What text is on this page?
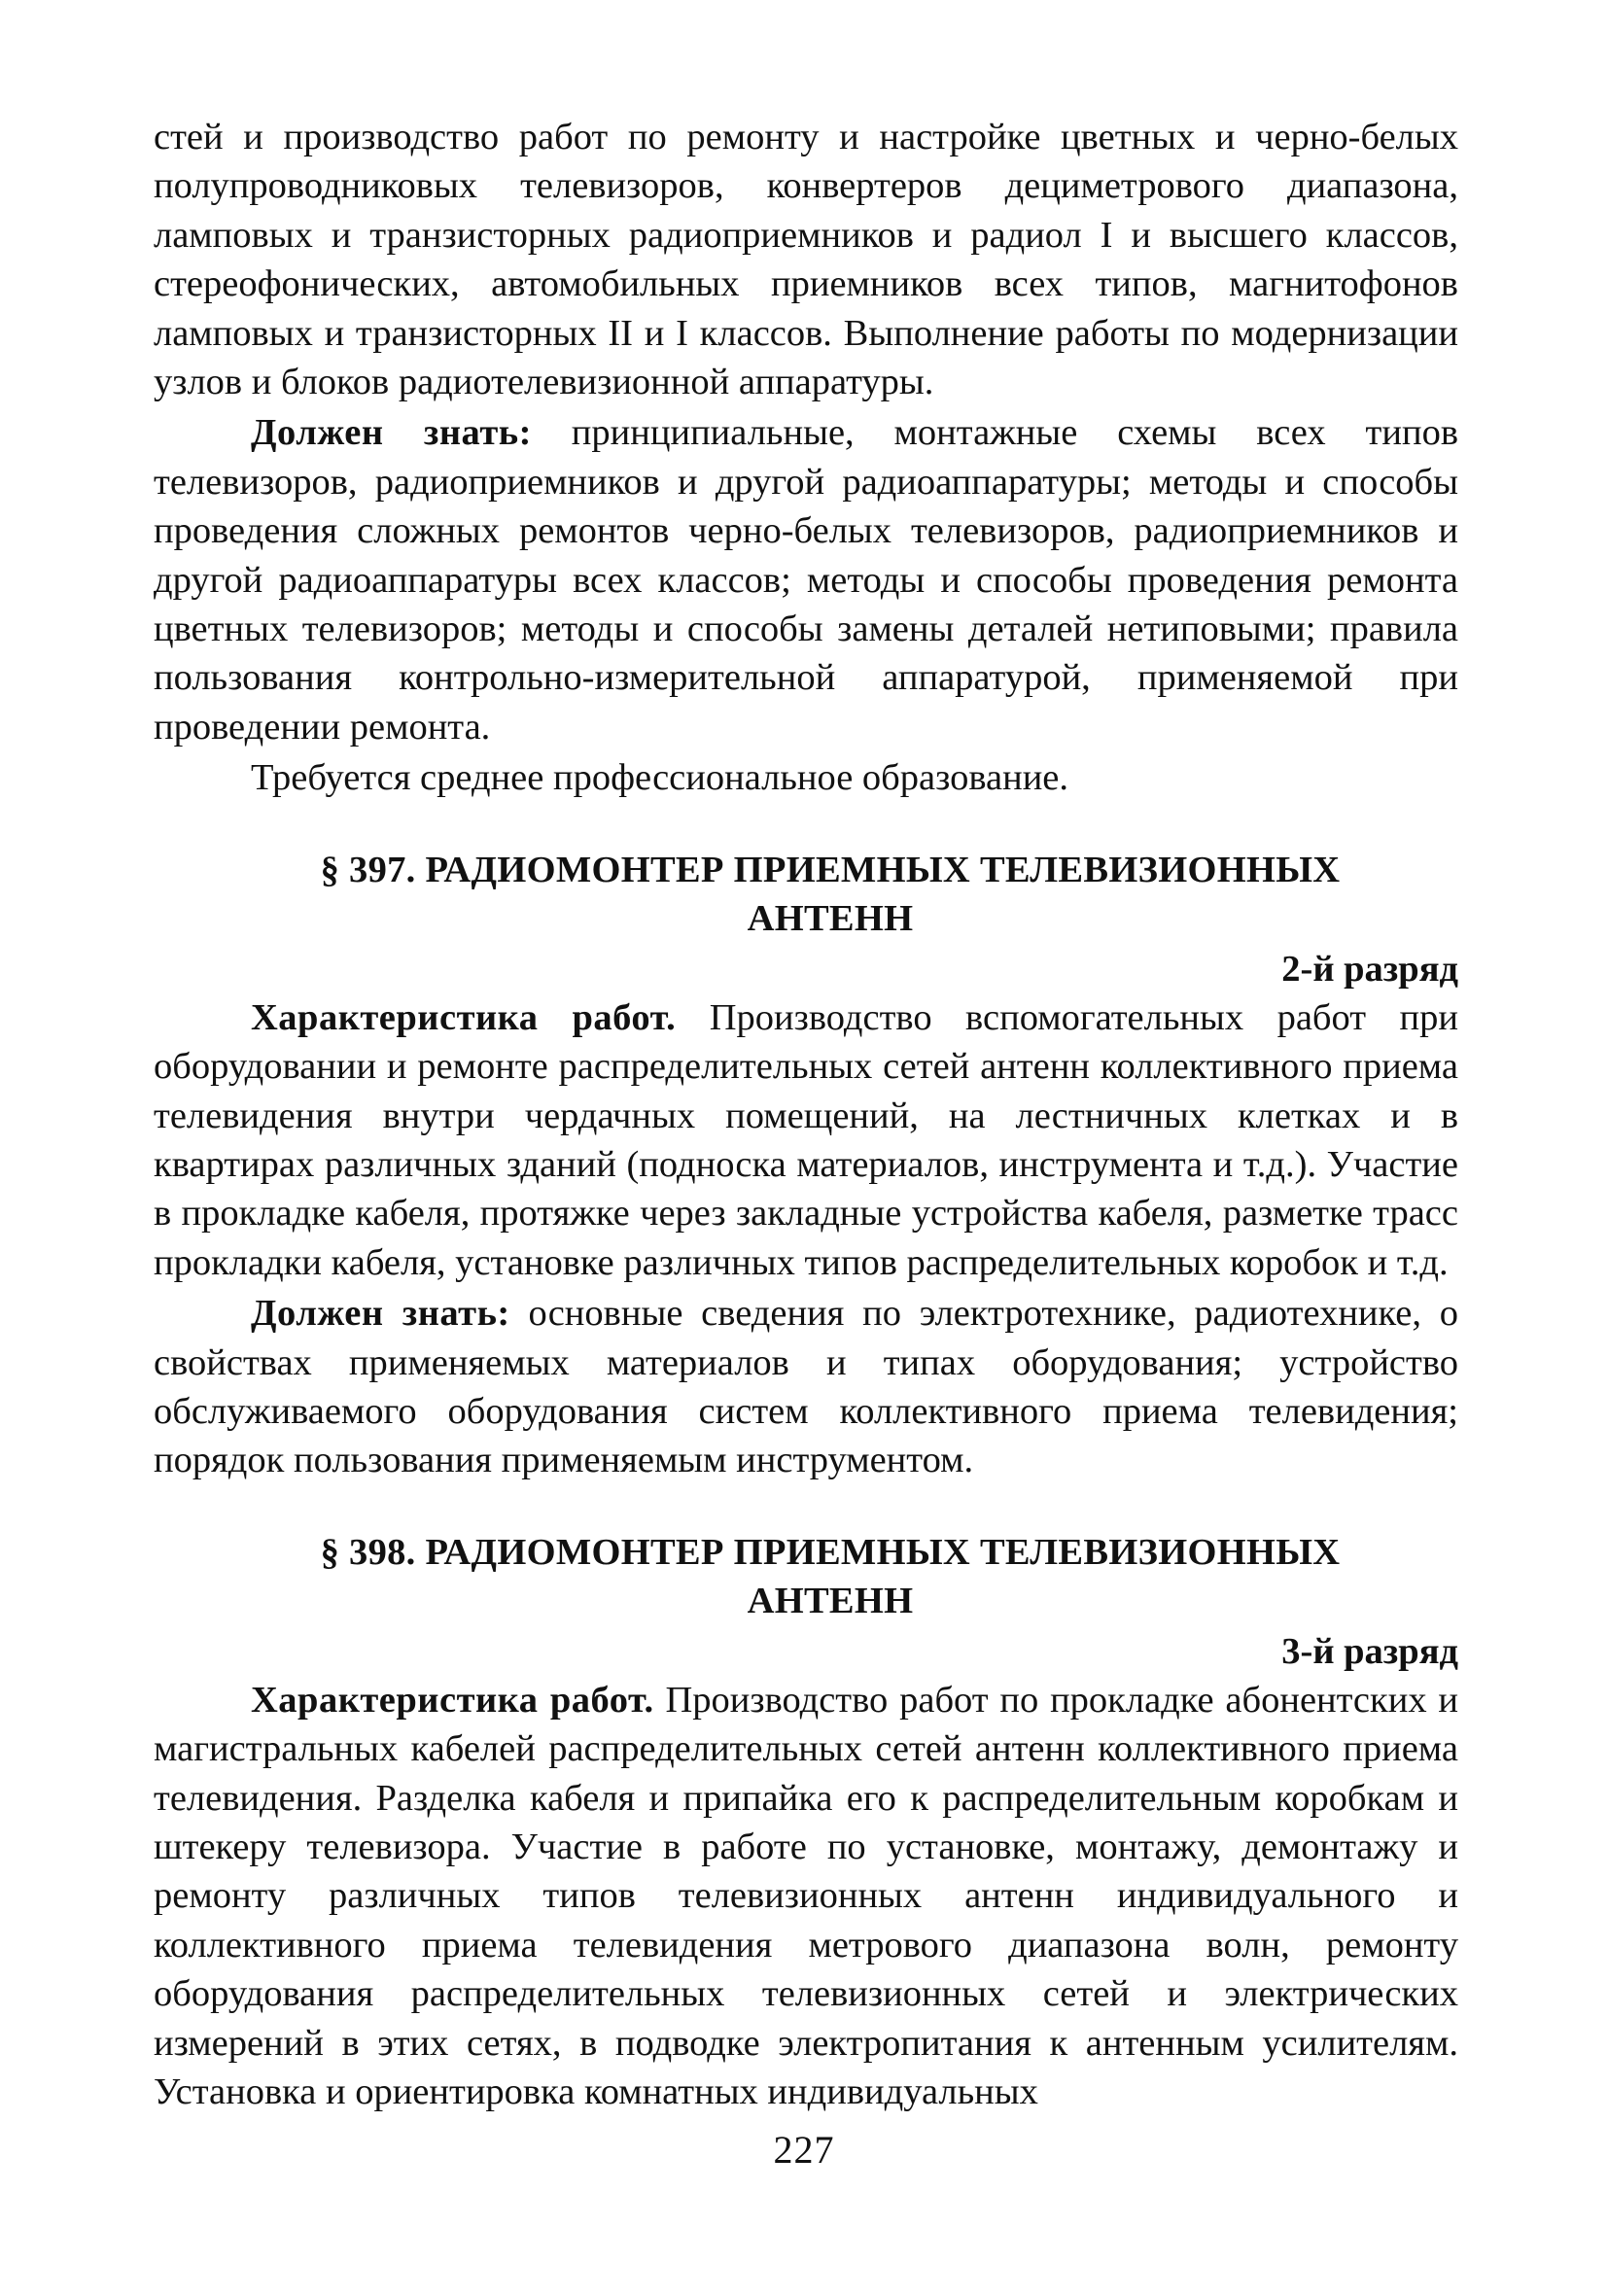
стей и производство работ по ремонту и настройке цветных и черно-белых полупроводниковых телевизоров, конвертеров дециметрового диапазона, ламповых и транзисторных радиоприемников и радиол I и высшего классов, стереофонических, автомобильных приемников всех типов, магнитофонов ламповых и транзисторных II и I классов. Выполнение работы по модернизации узлов и блоков радиотелевизионной аппаратуры.

Должен знать: принципиальные, монтажные схемы всех типов телевизоров, радиоприемников и другой радиоаппаратуры; методы и способы проведения сложных ремонтов черно-белых телевизоров, радиоприемников и другой радиоаппаратуры всех классов; методы и способы проведения ремонта цветных телевизоров; методы и способы замены деталей нетиповыми; правила пользования контрольно-измерительной аппаратурой, применяемой при проведении ремонта.

Требуется среднее профессиональное образование.

§ 397. РАДИОМОНТЕР ПРИЕМНЫХ ТЕЛЕВИЗИОННЫХ
АНТЕНН
2-й разряд

Характеристика работ. Производство вспомогательных работ при оборудовании и ремонте распределительных сетей антенн коллективного приема телевидения внутри чердачных помещений, на лестничных клетках и в квартирах различных зданий (подноска материалов, инструмента и т.д.). Участие в прокладке кабеля, протяжке через закладные устройства кабеля, разметке трасс прокладки кабеля, установке различных типов распределительных коробок и т.д.

Должен знать: основные сведения по электротехнике, радиотехнике, о свойствах применяемых материалов и типах оборудования; устройство обслуживаемого оборудования систем коллективного приема телевидения; порядок пользования применяемым инструментом.

§ 398. РАДИОМОНТЕР ПРИЕМНЫХ ТЕЛЕВИЗИОННЫХ
АНТЕНН
3-й разряд

Характеристика работ. Производство работ по прокладке абонентских и магистральных кабелей распределительных сетей антенн коллективного приема телевидения. Разделка кабеля и припайка его к распределительным коробкам и штекеру телевизора. Участие в работе по установке, монтажу, демонтажу и ремонту различных типов телевизионных антенн индивидуального и коллективного приема телевидения метрового диапазона волн, ремонту оборудования распределительных телевизионных сетей и электрических измерений в этих сетях, в подводке электропитания к антенным усилителям. Установка и ориентировка комнатных индивидуальных

227
